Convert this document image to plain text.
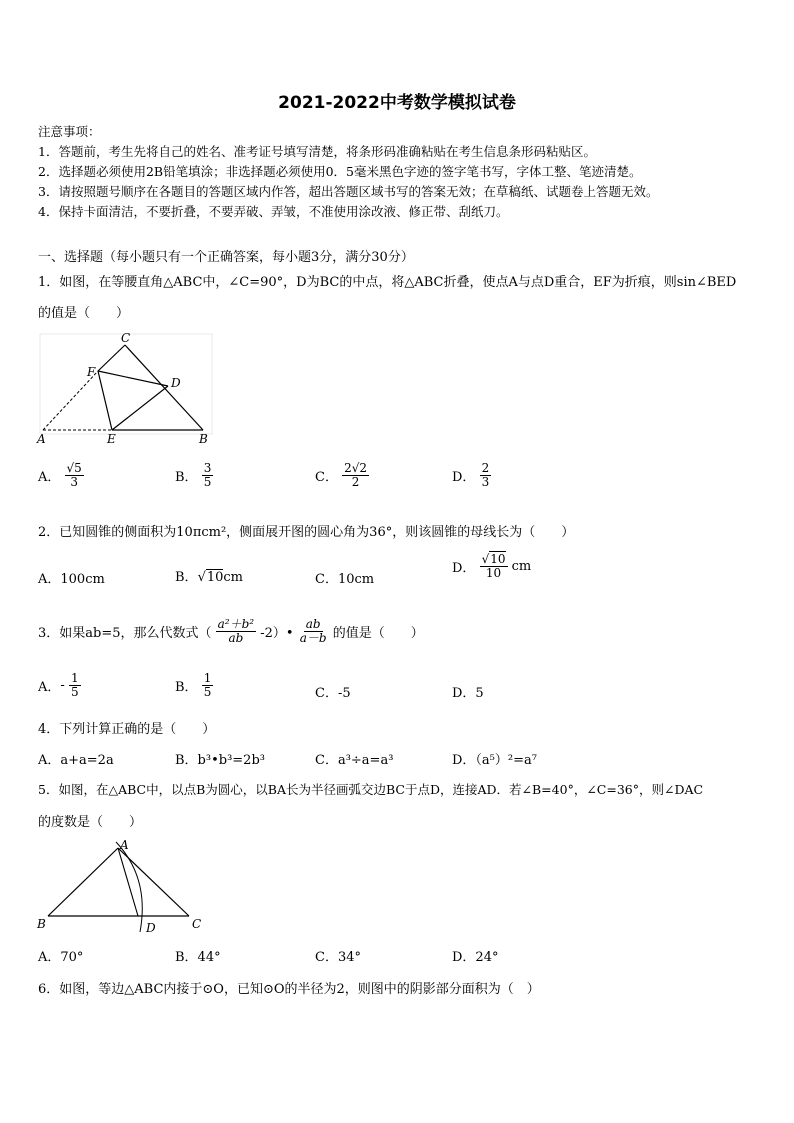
2021-2022中考数学模拟试卷
注意事项：
1．答题前，考生先将自己的姓名、准考证号填写清楚，将条形码准确粘贴在考生信息条形码粘贴区。
2．选择题必须使用2B铅笔填涂；非选择题必须使用0．5毫米黑色字迹的签字笔书写，字体工整、笔迹清楚。
3．请按照题号顺序在各题目的答题区域内作答，超出答题区域书写的答案无效；在草稿纸、试题卷上答题无效。
4．保持卡面清洁，不要折叠，不要弄破、弄皱，不准使用涂改液、修正带、刮纸刀。
一、选择题（每小题只有一个正确答案，每小题3分，满分30分）
1．如图，在等腰直角△ABC中，∠C=90°，D为BC的中点，将△ABC折叠，使点A与点D重合，EF为折痕，则sin∠BED
的值是（　　）
C
F
D
A	E	B
A． $\frac{√5}{3}$	B． $\frac{3}{5}$	C． $\frac{2√2}{2}$	D． $\frac{2}{3}$
2．已知圆锥的侧面积为10πcm²，侧面展开图的圆心角为36°，则该圆锥的母线长为（　　）
A．100cm	B．√10cm	C．10cm
D． $\frac{√10}{10}$ cm
3．如果ab=5，那么代数式（ $\frac{\text{a²＋b²}}{ab}$ -2）• $\frac{ab}{a-b}$ 的值是（　　）
A．- $\frac{1}{5}$	B． $\frac{1}{5}$	C．-5	D．5
4．下列计算正确的是（　　）
A．a+a=2a	B．b³•b³=2b³	C．a³÷a=a³	D．（a⁵）²=a⁷
5．如图，在△ABC中，以点B为圆心，以BA长为半径画弧交边BC于点D，连接AD．若∠B=40°，∠C=36°，则∠DAC
的度数是（　　）
A
B	C
D
A．70°	B．44°	C．34°	D．24°
6．如图，等边△ABC内接于⊙O，已知⊙O的半径为2，则图中的阴影部分面积为（　）
